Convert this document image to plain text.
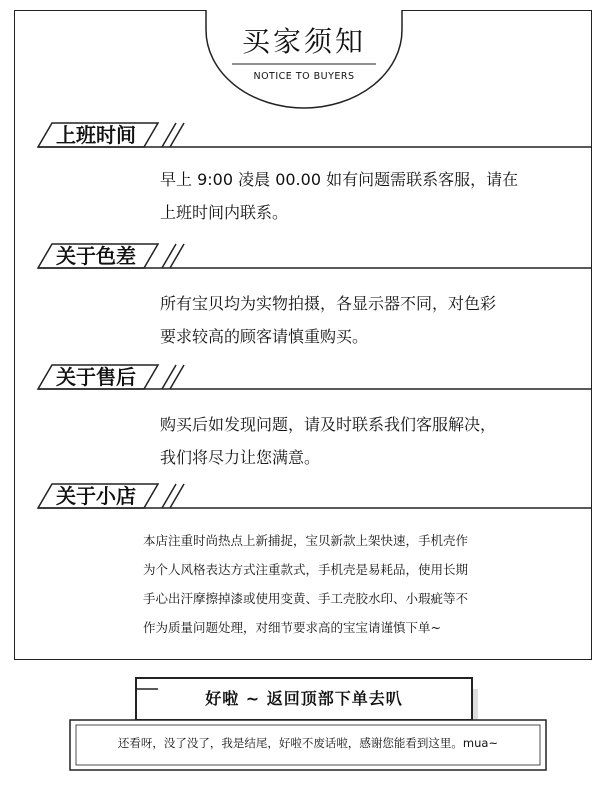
买家须知
NOTICE TO BUYERS
上班时间
早上 9:00 凌晨 00.00 如有问题需联系客服，请在
上班时间内联系。
关于色差
所有宝贝均为实物拍摄，各显示器不同，对色彩
要求较高的顾客请慎重购买。
关于售后
购买后如发现问题，请及时联系我们客服解决，
我们将尽力让您满意。
关于小店
本店注重时尚热点上新捕捉，宝贝新款上架快速，手机壳作
为个人风格表达方式注重款式，手机壳是易耗品，使用长期
手心出汗摩擦掉漆或使用变黄、手工壳胶水印、小瑕疵等不
作为质量问题处理，对细节要求高的宝宝请谨慎下单~
好啦 ~ 返回顶部下单去叭
还看呀，没了没了，我是结尾，好啦不废话啦，感谢您能看到这里。mua~
